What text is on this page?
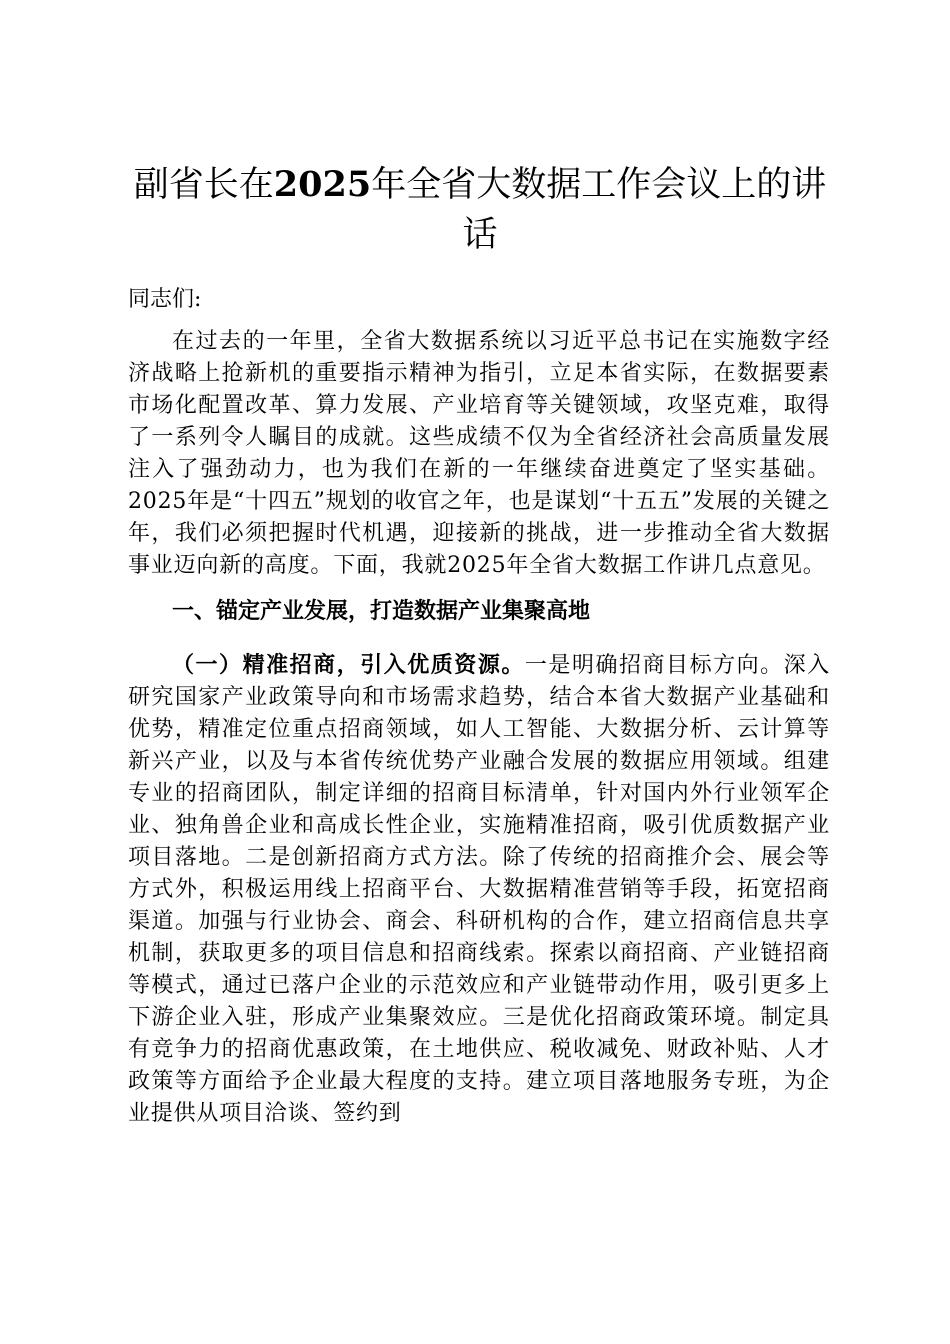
副省长在2025年全省大数据工作会议上的讲话

同志们:

在过去的一年里，全省大数据系统以习近平总书记在实施数字经济战略上抢新机的重要指示精神为指引，立足本省实际，在数据要素市场化配置改革、算力发展、产业培育等关键领域，攻坚克难，取得了一系列令人瞩目的成就。这些成绩不仅为全省经济社会高质量发展注入了强劲动力，也为我们在新的一年继续奋进奠定了坚实基础。2025年是“十四五”规划的收官之年，也是谋划“十五五”发展的关键之年，我们必须把握时代机遇，迎接新的挑战，进一步推动全省大数据事业迈向新的高度。下面，我就2025年全省大数据工作讲几点意见。

一、锚定产业发展，打造数据产业集聚高地

（一）精准招商，引入优质资源。一是明确招商目标方向。深入研究国家产业政策导向和市场需求趋势，结合本省大数据产业基础和优势，精准定位重点招商领域，如人工智能、大数据分析、云计算等新兴产业，以及与本省传统优势产业融合发展的数据应用领域。组建专业的招商团队，制定详细的招商目标清单，针对国内外行业领军企业、独角兽企业和高成长性企业，实施精准招商，吸引优质数据产业项目落地。二是创新招商方式方法。除了传统的招商推介会、展会等方式外，积极运用线上招商平台、大数据精准营销等手段，拓宽招商渠道。加强与行业协会、商会、科研机构的合作，建立招商信息共享机制，获取更多的项目信息和招商线索。探索以商招商、产业链招商等模式，通过已落户企业的示范效应和产业链带动作用，吸引更多上下游企业入驻，形成产业集聚效应。三是优化招商政策环境。制定具有竞争力的招商优惠政策，在土地供应、税收减免、财政补贴、人才政策等方面给予企业最大程度的支持。建立项目落地服务专班，为企业提供从项目洽谈、签约到
